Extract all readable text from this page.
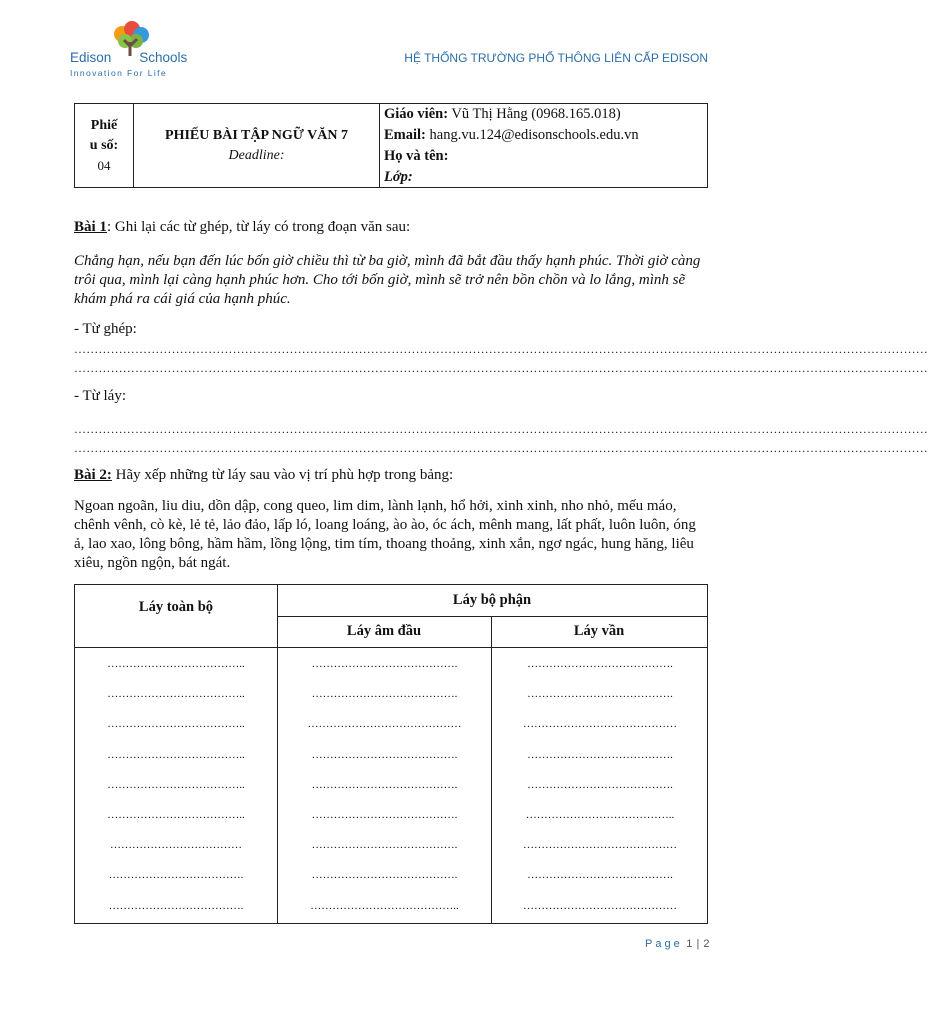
Edison Schools
Innovation For Life
HỆ THỐNG TRƯỜNG PHỔ THÔNG LIÊN CẤP EDISON
Phiế
u số:
04
PHIẾU BÀI TẬP NGỮ VĂN 7
Deadline:
Giáo viên: Vũ Thị Hằng (0968.165.018)
Email: hang.vu.124@edisonschools.edu.vn
Họ và tên:
Lớp:
Bài 1: Ghi lại các từ ghép, từ láy có trong đoạn văn sau:
Chẳng hạn, nếu bạn đến lúc bốn giờ chiều thì từ ba giờ, mình đã bắt đầu thấy hạnh phúc. Thời giờ càng trôi qua, mình lại càng hạnh phúc hơn. Cho tới bốn giờ, mình sẽ trở nên bồn chồn và lo lắng, mình sẽ khám phá ra cái giá của hạnh phúc.
- Từ ghép:
…………………………………………………………………………………………………………………………………………………………………………………………
…………………………………………………………………………………………………………………………………………………………………………………………
- Từ láy:
…………………………………………………………………………………………………………………………………………………………………………………………
…………………………………………………………………………………………………………………………………………………………………………………………
Bài 2: Hãy xếp những từ láy sau vào vị trí phù hợp trong bảng:
Ngoan ngoãn, liu diu, dồn dập, cong queo, lim dim, lành lạnh, hổ hởi, xinh xinh, nho nhỏ, mếu máo, chênh vênh, cò kè, lẻ tẻ, lảo đảo, lấp ló, loang loáng, ào ào, óc ách, mênh mang, lất phất, luôn luôn, óng ả, lao xao, lông bông, hầm hầm, lồng lộng, tim tím, thoang thoảng, xinh xắn, ngơ ngác, hung hăng, liêu xiêu, ngồn ngộn, bát ngát.
Láy toàn bộ	Láy bộ phận
Láy âm đầu	Láy vần
………………………………..
………………………………..
………………………………..
………………………………..
………………………………..
………………………………..
………………………………
……………………………….
……………………………….
………………………………….
………………………………….
……………………………………
………………………………….
………………………………….
………………………………….
………………………………….
………………………………….
…………………………………..
………………………………….
………………………………….
……………………………………
………………………………….
………………………………….
…………………………………..
……………………………………
………………………………….
……………………………………
Page 1 | 2
